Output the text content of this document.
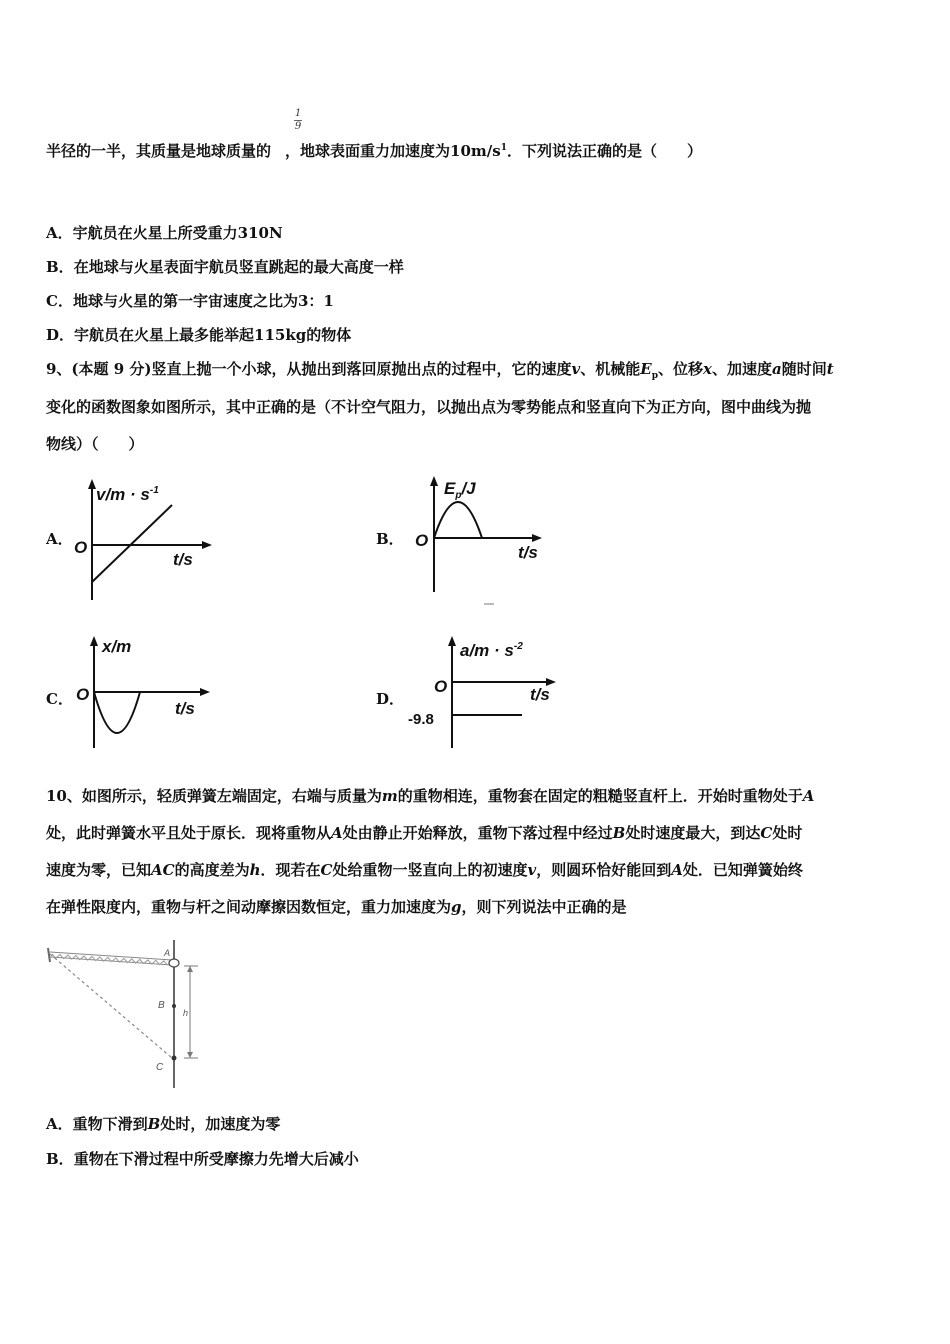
1
9
半径的一半，其质量是地球质量的 ，地球表面重力加速度为$10m/s^1$．下列说法正确的是（　　）
A．宇航员在火星上所受重力310N
B．在地球与火星表面宇航员竖直跳起的最大高度一样
C．地球与火星的第一宇宙速度之比为3：1
D．宇航员在火星上最多能举起115kg的物体
9、(本题 9 分)竖直上抛一个小球，从抛出到落回原抛出点的过程中，它的速度v、机械能$E_p$、位移x、加速度a随时间t
变化的函数图象如图所示，其中正确的是（不计空气阻力，以抛出点为零势能点和竖直向下为正方向，图中曲线为抛
物线）（　　）
A．
$v/m \cdot s^{-1}$
O
t/s
B．
$E_p/J$
O
t/s
C．
x/m
O
t/s	D．
$a/m \cdot s^{-2}$
O	t/s
-9.8
10、如图所示，轻质弹簧左端固定，右端与质量为m的重物相连，重物套在固定的粗糙竖直杆上．开始时重物处于A
处，此时弹簧水平且处于原长．现将重物从A处由静止开始释放，重物下落过程中经过B处时速度最大，到达C处时
速度为零，已知AC的高度差为h．现若在C处给重物一竖直向上的初速度v，则圆环恰好能回到A处．已知弹簧始终
在弹性限度内，重物与杆之间动摩擦因数恒定，重力加速度为g，则下列说法中正确的是
A
B
C
h
A．重物下滑到B处时，加速度为零
B．重物在下滑过程中所受摩擦力先增大后减小
